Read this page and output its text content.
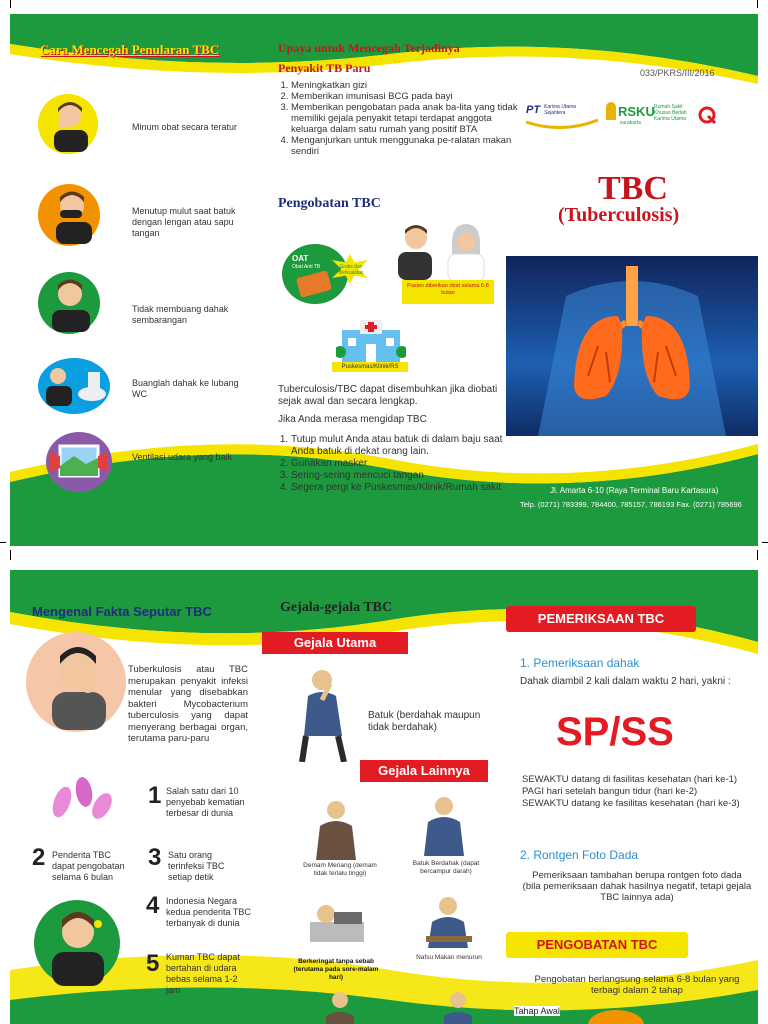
Cara Mencegah Penularan TBC
Minum obat secara teratur
Menutup mulut saat batuk dengan lengan atau sapu tangan
Tidak membuang dahak sembarangan
Buanglah dahak ke lubang WC
Ventilasi udara yang baik
Upaya untuk Mencegah Terjadinya Penyakit TB Paru
1. Meningkatkan gizi
2. Memberikan imunisasi BCG pada bayi
3. Memberikan pengobatan pada anak ba-lita yang tidak memiliki gejala penyakit tetapi terdapat anggota keluarga dalam satu rumah yang positif BTA
4. Menganjurkan untuk menggunaka pe-ralatan makan sendiri
Pengobatan TBC
OAT
Obat Anti TB	Gratis dan Berkualitas
Pasien diberikan obat selama 6-8 bulan
Puskesmas/Klinik/RS
Tuberculosis/TBC dapat disembuhkan jika diobati sejak awal dan secara lengkap.
Jika Anda merasa mengidap TBC
1. Tutup mulut Anda atau batuk di dalam baju saat Anda batuk di dekat orang lain.
2. Gunakan masker
3. Sering-sering mencuci tangan
4. Segera pergi ke Puskesmas/Klinik/Rumah sakit
033/PKRS/III/2016
PT Karima Utama Sejahtera	RSKU
surakarta
Rumah Sakit Khusus Bedah Karima Utama
TBC
(Tuberculosis)
Jl. Amarta 6-10 (Raya Terminal Baru Kartasura)
Telp. (0271) 783399, 784400, 785157, 786193 Fax. (0271) 785696
Mengenal Fakta Seputar TBC
Tuberkulosis atau TBC merupakan penyakit infeksi menular yang disebabkan bakteri Mycobacterium tuberculosis yang dapat menyerang berbagai organ, terutama paru-paru
1 Salah satu dari 10 penyebab kematian terbesar di dunia
2 Penderita TBC dapat pengobatan selama 6 bulan
3 Satu orang terinfeksi TBC setiap detik
4 Indonesia Negara kedua penderita TBC terbanyak di dunia
5 Kuman TBC dapat bertahan di udara bebas selama 1-2 jam
Gejala-gejala TBC
Gejala Utama
Batuk (berdahak maupun tidak berdahak)
Gejala Lainnya
Demam Meriang (demam tidak terlalu tinggi)
Batuk Berdahak (dapat bercampur darah)
Berkeringat tanpa sebab (terutama pada sore-malam hari)
Nafsu Makan menurun
PEMERIKSAAN TBC
1. Pemeriksaan dahak
Dahak diambil 2 kali dalam waktu 2 hari, yakni :
SP/SS
SEWAKTU datang di fasilitas kesehatan (hari ke-1)
PAGI hari setelah bangun tidur (hari ke-2)
SEWAKTU datang ke fasilitas kesehatan (hari ke-3)
2. Rontgen Foto Dada
Pemeriksaan tambahan berupa rontgen foto dada (bila pemeriksaan dahak hasilnya negatif, tetapi gejala TBC lainnya ada)
PENGOBATAN TBC
Pengobatan berlangsung selama 6-8 bulan yang terbagi dalam 2 tahap
Tahap Awal
